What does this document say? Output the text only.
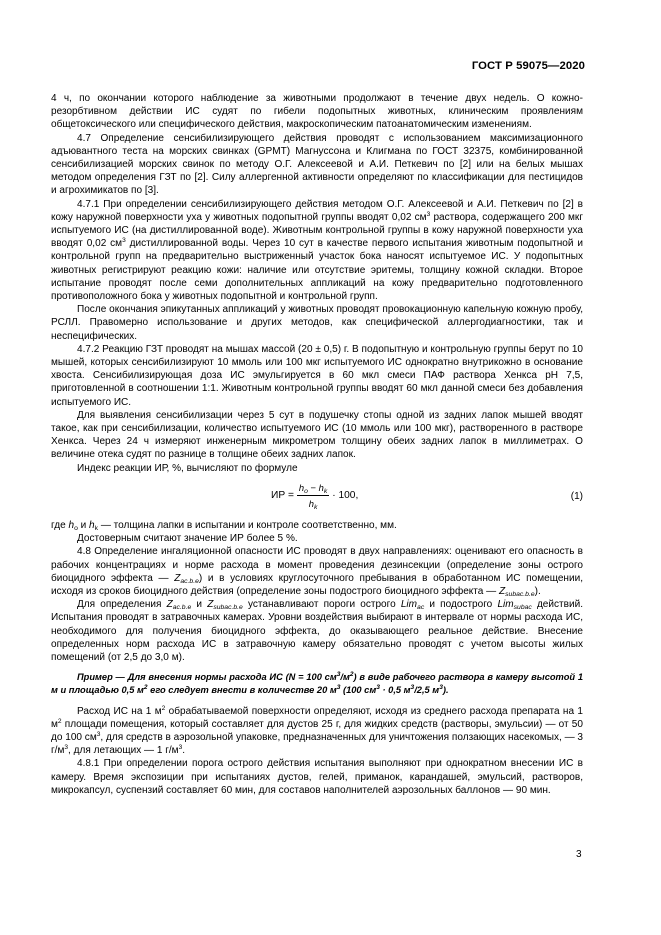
ГОСТ Р 59075—2020

4 ч, по окончании которого наблюдение за животными продолжают в течение двух недель. О кожно-резорбтивном действии ИС судят по гибели подопытных животных, клиническим проявлениям общетоксического или специфического действия, макроскопическим патоанатомическим изменениям.

4.7 Определение сенсибилизирующего действия проводят с использованием максимизационного адъювантного теста на морских свинках (GPMT) Магнуссона и Клигмана по ГОСТ 32375, комбинированной сенсибилизацией морских свинок по методу О.Г. Алексеевой и А.И. Петкевич по [2] или на белых мышах методом определения ГЗТ по [2]. Силу аллергенной активности определяют по классификации для пестицидов и агрохимикатов по [3].

4.7.1 При определении сенсибилизирующего действия методом О.Г. Алексеевой и А.И. Петкевич по [2] в кожу наружной поверхности уха у животных подопытной группы вводят 0,02 $см^3$ раствора, содержащего 200 мкг испытуемого ИС (на дистиллированной воде). Животным контрольной группы в кожу наружной поверхности уха вводят 0,02 $см^3$ дистиллированной воды. Через 10 сут в качестве первого испытания животным подопытной и контрольной групп на предварительно выстриженный участок бока наносят испытуемое ИС. У подопытных животных регистрируют реакцию кожи: наличие или отсутствие эритемы, толщину кожной складки. Второе испытание проводят после семи дополнительных аппликаций на кожу предварительно подготовленного противоположного бока у животных подопытной и контрольной групп.

После окончания эпикутанных аппликаций у животных проводят провокационную капельную кожную пробу, РСЛЛ. Правомерно использование и других методов, как специфической аллергодиагностики, так и неспецифических.

4.7.2 Реакцию ГЗТ проводят на мышах массой (20 ± 0,5) г. В подопытную и контрольную группы берут по 10 мышей, которых сенсибилизируют 10 ммоль или 100 мкг испытуемого ИС однократно внутрикожно в основание хвоста. Сенсибилизирующая доза ИС эмульгируется в 60 мкл смеси ПАФ раствора Хенкса pH 7,5, приготовленной в соотношении 1:1. Животным контрольной группы вводят 60 мкл данной смеси без добавления испытуемого ИС.

Для выявления сенсибилизации через 5 сут в подушечку стопы одной из задних лапок мышей вводят такое, как при сенсибилизации, количество испытуемого ИС (10 ммоль или 100 мкг), растворенного в растворе Хенкса. Через 24 ч измеряют инженерным микрометром толщину обеих задних лапок в миллиметрах. О величине отека судят по разнице в толщине обеих задних лапок.

Индекс реакции ИР, %, вычисляют по формуле

ИР = $\frac{h_o - h_k}{h_k} \cdot 100$,	(1)

где $h_o$ и $h_k$ — толщина лапки в испытании и контроле соответственно, мм.

Достоверным считают значение ИР более 5 %.

4.8 Определение ингаляционной опасности ИС проводят в двух направлениях: оценивают его опасность в рабочих концентрациях и норме расхода в момент проведения дезинсекции (определение зоны острого биоцидного эффекта — $Z_{ac.b.e}$) и в условиях круглосуточного пребывания в обработанном ИС помещении, исходя из сроков биоцидного действия (определение зоны подострого биоцидного эффекта — $Z_{subac.b.e}$).

Для определения $Z_{ac.b.e}$ и $Z_{subac.b.e}$ устанавливают пороги острого Lim$_{ac}$ и подострого Lim$_{subac}$ действий. Испытания проводят в затравочных камерах. Уровни воздействия выбирают в интервале от нормы расхода ИС, необходимого для получения биоцидного эффекта, до оказывающего реальное действие. Внесение определенных норм расхода ИС в затравочную камеру обязательно проводят с учетом высоты жилых помещений (от 2,5 до 3,0 м).

Пример — Для внесения нормы расхода ИС (N = 100 $см^3/м^2$) в виде рабочего раствора в камеру высотой 1 м и площадью 0,5 $м^2$ его следует внести в количестве 20 $м^3$ (100 $см^3 \cdot 0,5$ $м^3/2,5$ $м^3$).

Расход ИС на 1 $м^2$ обрабатываемой поверхности определяют, исходя из среднего расхода препарата на 1 $м^2$ площади помещения, который составляет для дустов 25 г, для жидких средств (растворы, эмульсии) — от 50 до 100 $см^3$, для средств в аэрозольной упаковке, предназначенных для уничтожения ползающих насекомых, — 3 $г/м^3$, для летающих — 1 $г/м^3$.

4.8.1 При определении порога острого действия испытания выполняют при однократном внесении ИС в камеру. Время экспозиции при испытаниях дустов, гелей, приманок, карандашей, эмульсий, растворов, микрокапсул, суспензий составляет 60 мин, для составов наполнителей аэрозольных баллонов — 90 мин.

3
